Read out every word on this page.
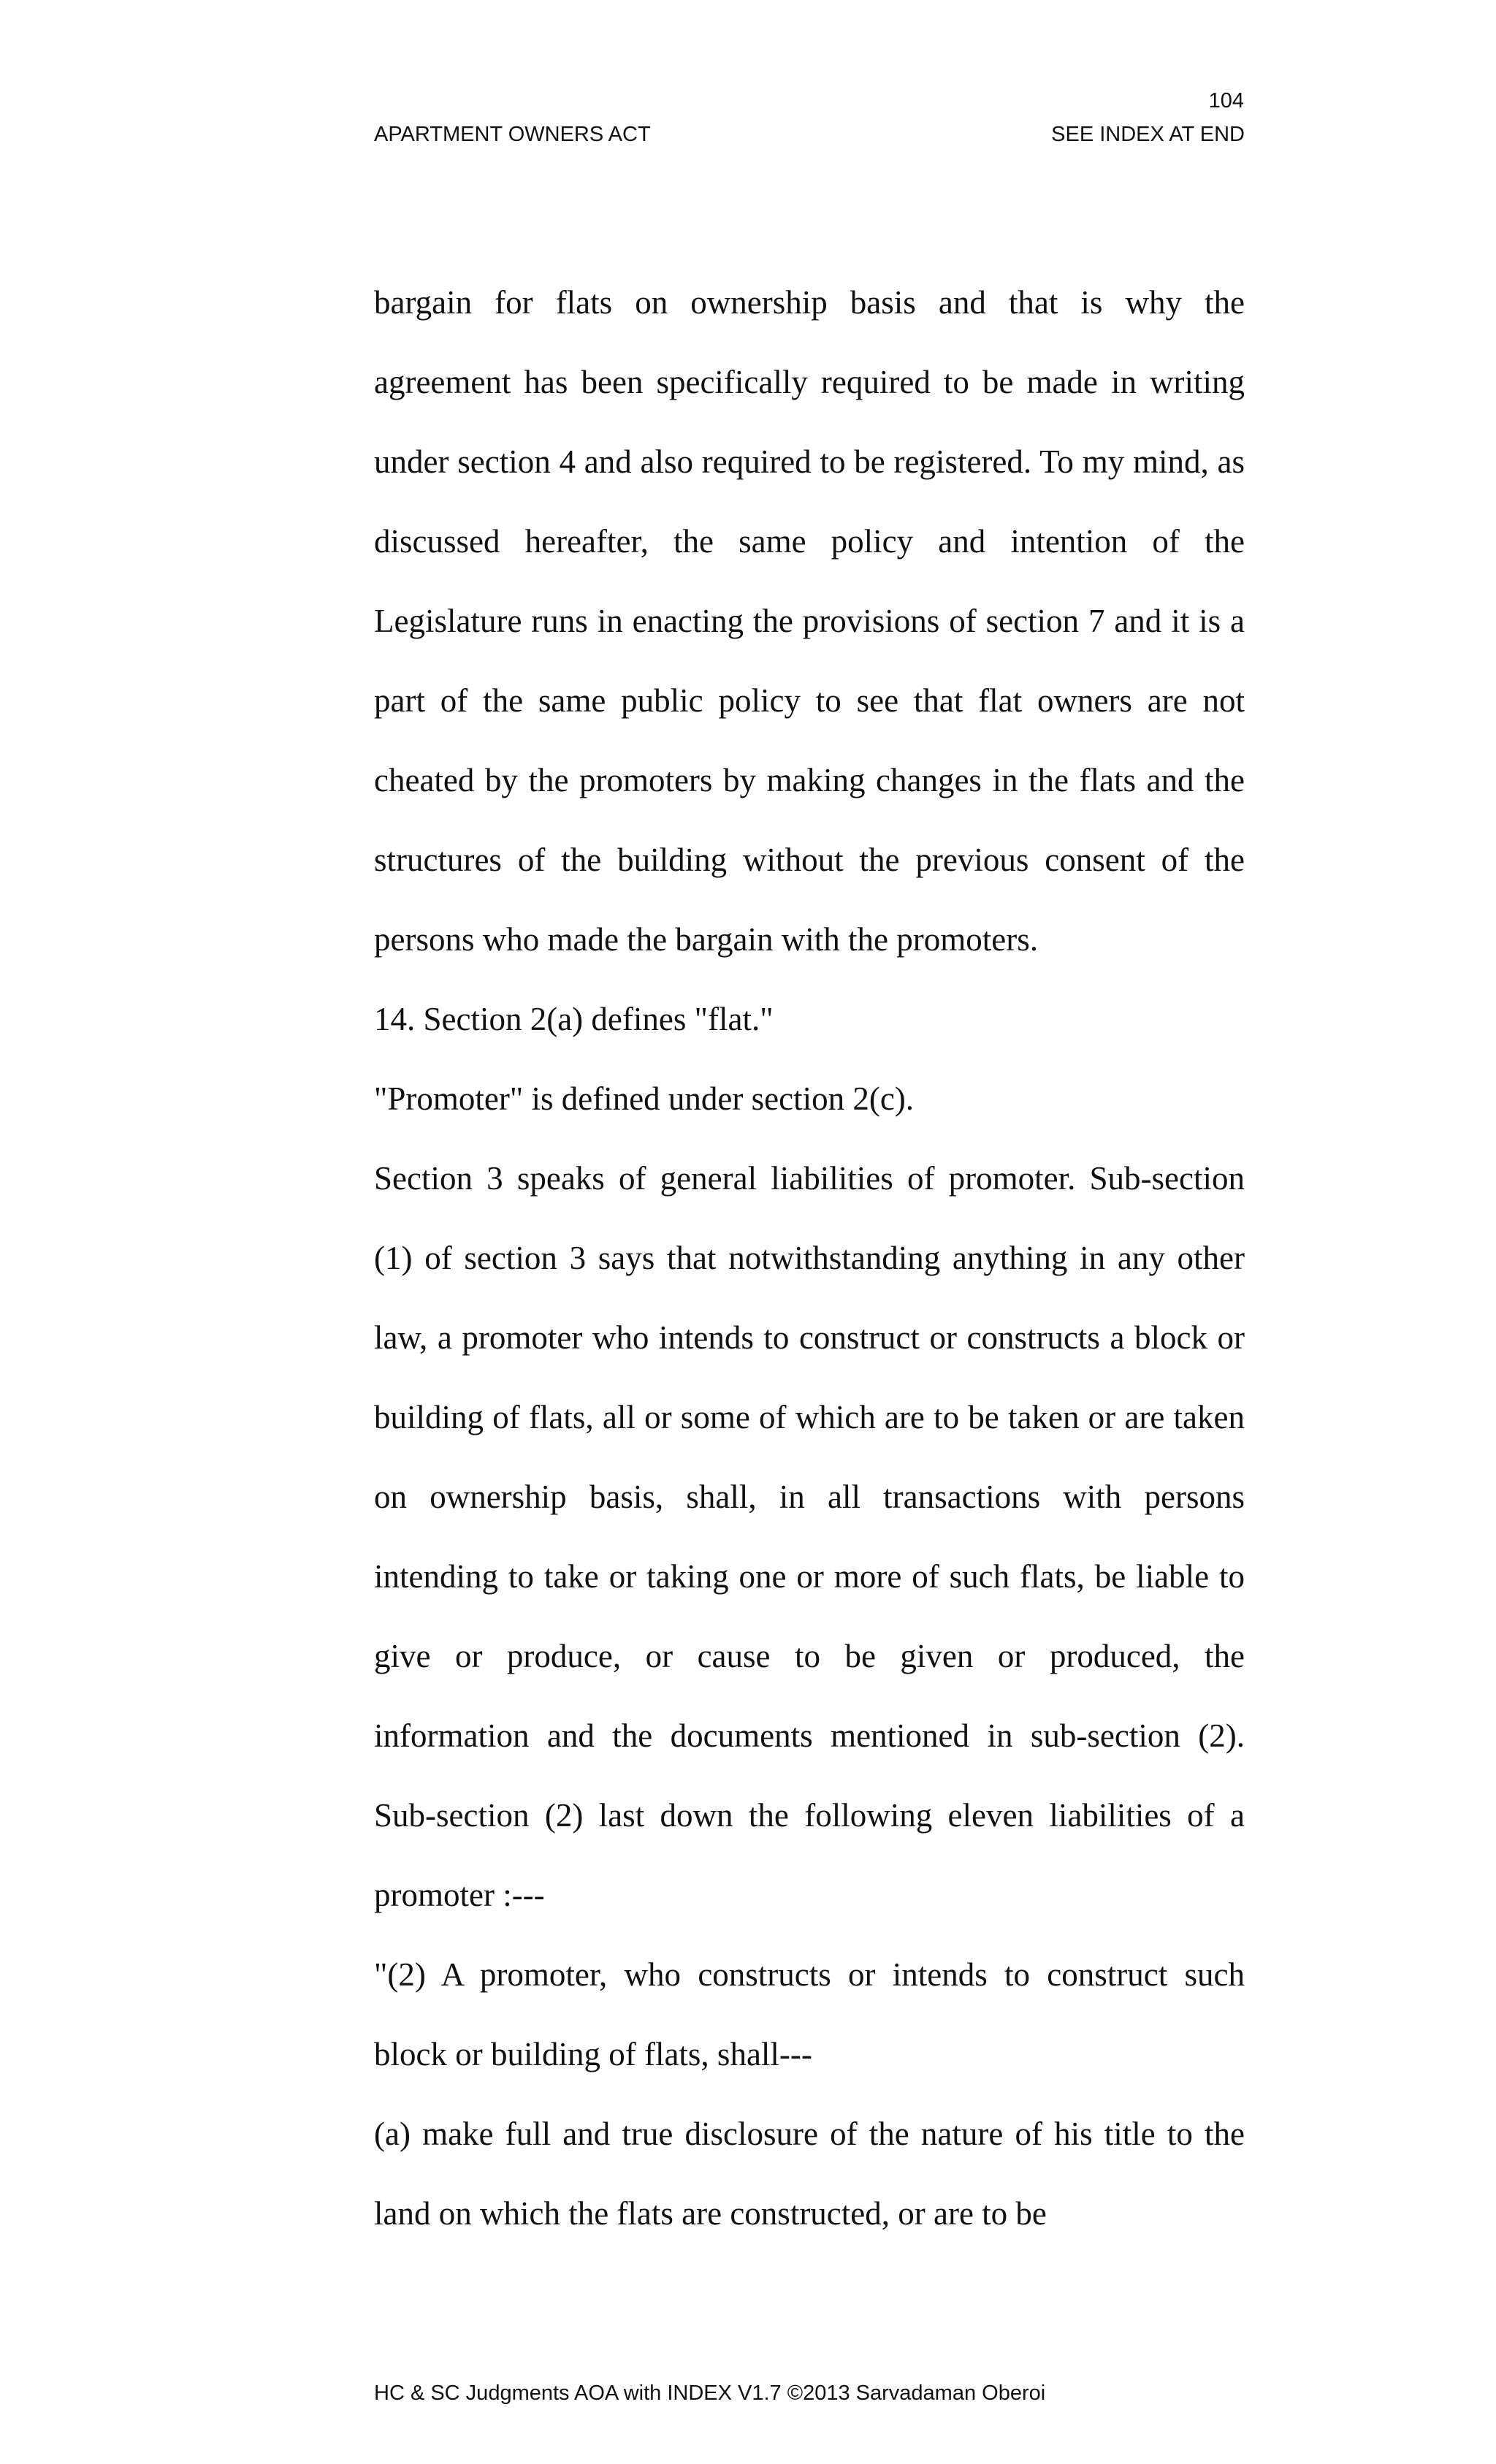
104
APARTMENT OWNERS ACT	SEE INDEX AT END

bargain for flats on ownership basis and that is why the agreement has been specifically required to be made in writing under section 4 and also required to be registered. To my mind, as discussed hereafter, the same policy and intention of the Legislature runs in enacting the provisions of section 7 and it is a part of the same public policy to see that flat owners are not cheated by the promoters by making changes in the flats and the structures of the building without the previous consent of the persons who made the bargain with the promoters.

14. Section 2(a) defines "flat."

"Promoter" is defined under section 2(c).

Section 3 speaks of general liabilities of promoter. Sub-section (1) of section 3 says that notwithstanding anything in any other law, a promoter who intends to construct or constructs a block or building of flats, all or some of which are to be taken or are taken on ownership basis, shall, in all transactions with persons intending to take or taking one or more of such flats, be liable to give or produce, or cause to be given or produced, the information and the documents mentioned in sub-section (2). Sub-section (2) last down the following eleven liabilities of a promoter :---

"(2) A promoter, who constructs or intends to construct such block or building of flats, shall---

(a) make full and true disclosure of the nature of his title to the land on which the flats are constructed, or are to be

HC & SC Judgments AOA with INDEX V1.7 ©2013 Sarvadaman Oberoi
